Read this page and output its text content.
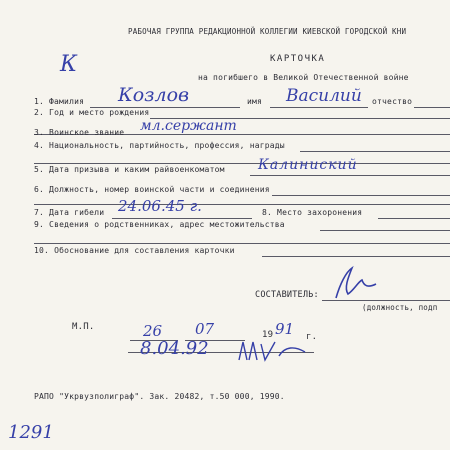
РАБОЧАЯ ГРУППА РЕДАКЦИОННОЙ КОЛЛЕГИИ КИЕВСКОЙ ГОРОДСКОЙ КНИ
КАРТОЧКА
К
на погибшего в Великой Отечественной войне
1. Фамилия Козлов	имя Василий отчество
2. Год и место рождения
3. Воинское звание мл.сержант
4. Национальность, партийность, профессия, награды
5. Дата призыва и каким райвоенкоматом Калиниский
6. Должность, номер воинской части и соединения
7. Дата гибели 24.06.45 г.	8. Место захоронения
9. Сведения о родственниках, адрес местожительства
10. Обоснование для составления карточки
СОСТАВИТЕЛЬ:
(должность, подп
М.П.	26 07	19 91 г.
8.04.92
РАПО "Укрвузполиграф". Зак. 20482, т.50 000, 1990.
1291
